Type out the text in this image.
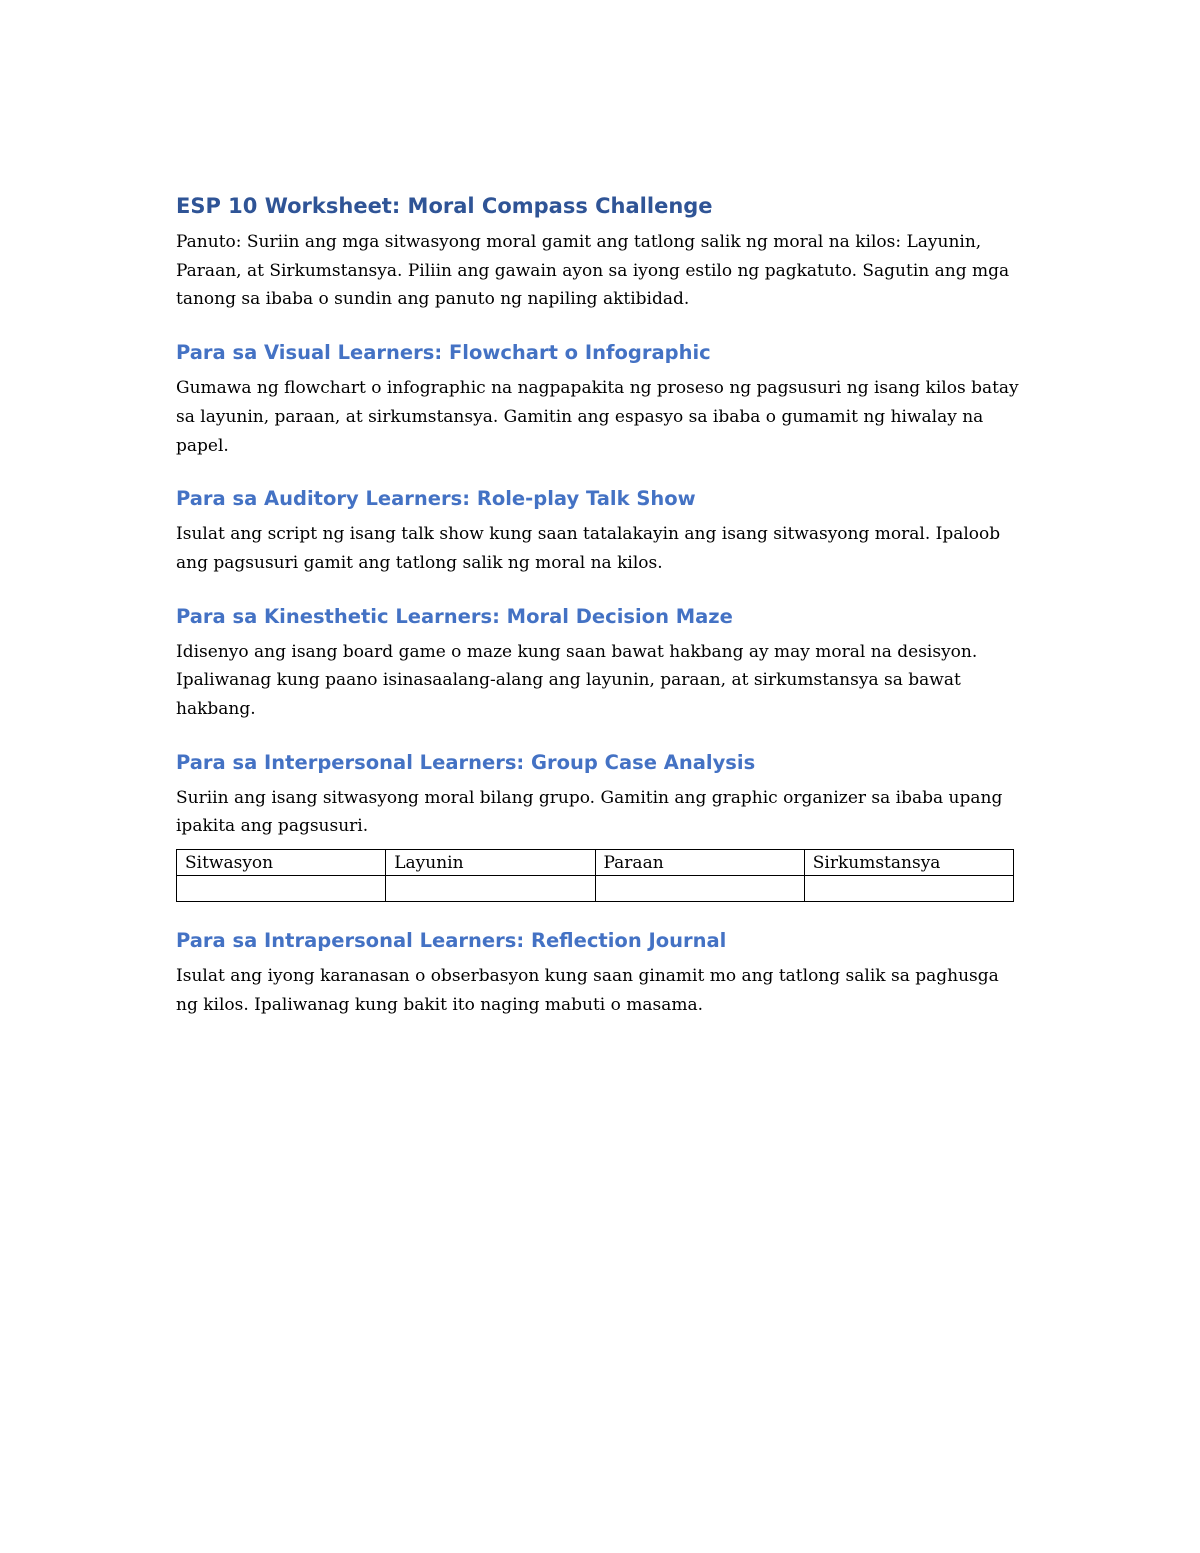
ESP 10 Worksheet: Moral Compass Challenge

Panuto: Suriin ang mga sitwasyong moral gamit ang tatlong salik ng moral na kilos: Layunin, Paraan, at Sirkumstansya. Piliin ang gawain ayon sa iyong estilo ng pagkatuto. Sagutin ang mga tanong sa ibaba o sundin ang panuto ng napiling aktibidad.

Para sa Visual Learners: Flowchart o Infographic

Gumawa ng flowchart o infographic na nagpapakita ng proseso ng pagsusuri ng isang kilos batay sa layunin, paraan, at sirkumstansya. Gamitin ang espasyo sa ibaba o gumamit ng hiwalay na papel.

Para sa Auditory Learners: Role-play Talk Show

Isulat ang script ng isang talk show kung saan tatalakayin ang isang sitwasyong moral. Ipaloob ang pagsusuri gamit ang tatlong salik ng moral na kilos.

Para sa Kinesthetic Learners: Moral Decision Maze

Idisenyo ang isang board game o maze kung saan bawat hakbang ay may moral na desisyon. Ipaliwanag kung paano isinasaalang-alang ang layunin, paraan, at sirkumstansya sa bawat hakbang.

Para sa Interpersonal Learners: Group Case Analysis

Suriin ang isang sitwasyong moral bilang grupo. Gamitin ang graphic organizer sa ibaba upang ipakita ang pagsusuri.

Sitwasyon	Layunin	Paraan	Sirkumstansya

Para sa Intrapersonal Learners: Reflection Journal

Isulat ang iyong karanasan o obserbasyon kung saan ginamit mo ang tatlong salik sa paghusga ng kilos. Ipaliwanag kung bakit ito naging mabuti o masama.
